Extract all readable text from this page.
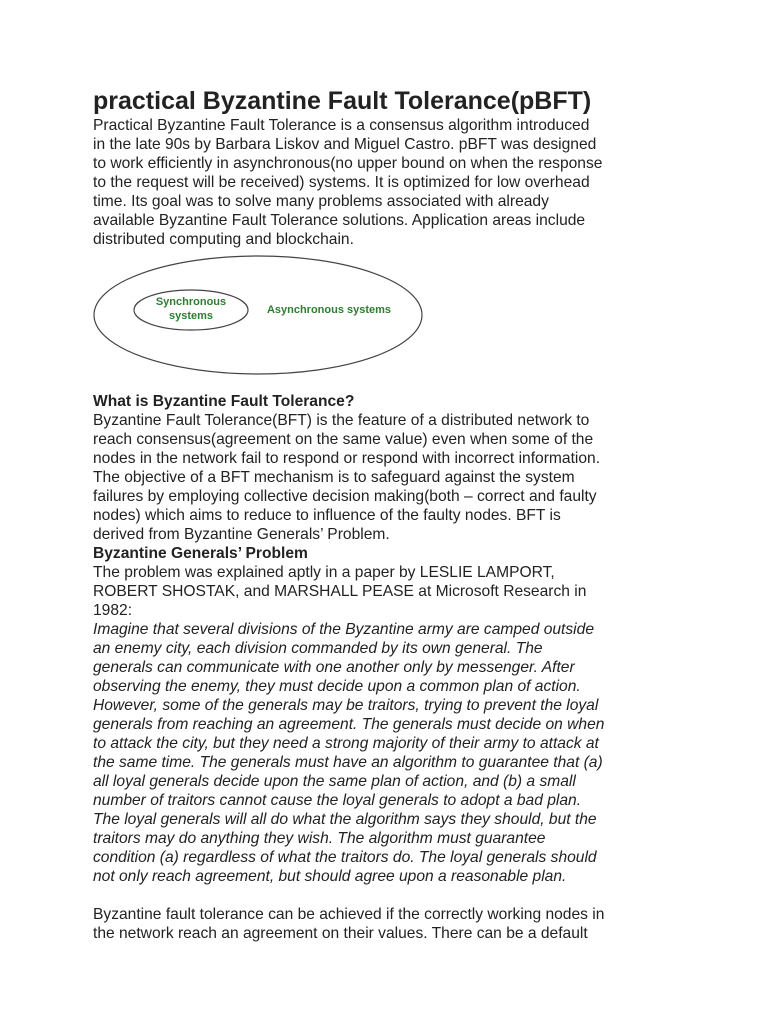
practical Byzantine Fault Tolerance(pBFT)

Practical Byzantine Fault Tolerance is a consensus algorithm introduced
in the late 90s by Barbara Liskov and Miguel Castro. pBFT was designed
to work efficiently in asynchronous(no upper bound on when the response
to the request will be received) systems. It is optimized for low overhead
time. Its goal was to solve many problems associated with already
available Byzantine Fault Tolerance solutions. Application areas include
distributed computing and blockchain.

Synchronous
systems	Asynchronous systems

What is Byzantine Fault Tolerance?

Byzantine Fault Tolerance(BFT) is the feature of a distributed network to
reach consensus(agreement on the same value) even when some of the
nodes in the network fail to respond or respond with incorrect information.
The objective of a BFT mechanism is to safeguard against the system
failures by employing collective decision making(both – correct and faulty
nodes) which aims to reduce to influence of the faulty nodes. BFT is
derived from Byzantine Generals’ Problem.

Byzantine Generals’ Problem

The problem was explained aptly in a paper by LESLIE LAMPORT,
ROBERT SHOSTAK, and MARSHALL PEASE at Microsoft Research in
1982:

Imagine that several divisions of the Byzantine army are camped outside
an enemy city, each division commanded by its own general. The
generals can communicate with one another only by messenger. After
observing the enemy, they must decide upon a common plan of action.
However, some of the generals may be traitors, trying to prevent the loyal
generals from reaching an agreement. The generals must decide on when
to attack the city, but they need a strong majority of their army to attack at
the same time. The generals must have an algorithm to guarantee that (a)
all loyal generals decide upon the same plan of action, and (b) a small
number of traitors cannot cause the loyal generals to adopt a bad plan.
The loyal generals will all do what the algorithm says they should, but the
traitors may do anything they wish. The algorithm must guarantee
condition (a) regardless of what the traitors do. The loyal generals should
not only reach agreement, but should agree upon a reasonable plan.

Byzantine fault tolerance can be achieved if the correctly working nodes in
the network reach an agreement on their values. There can be a default
